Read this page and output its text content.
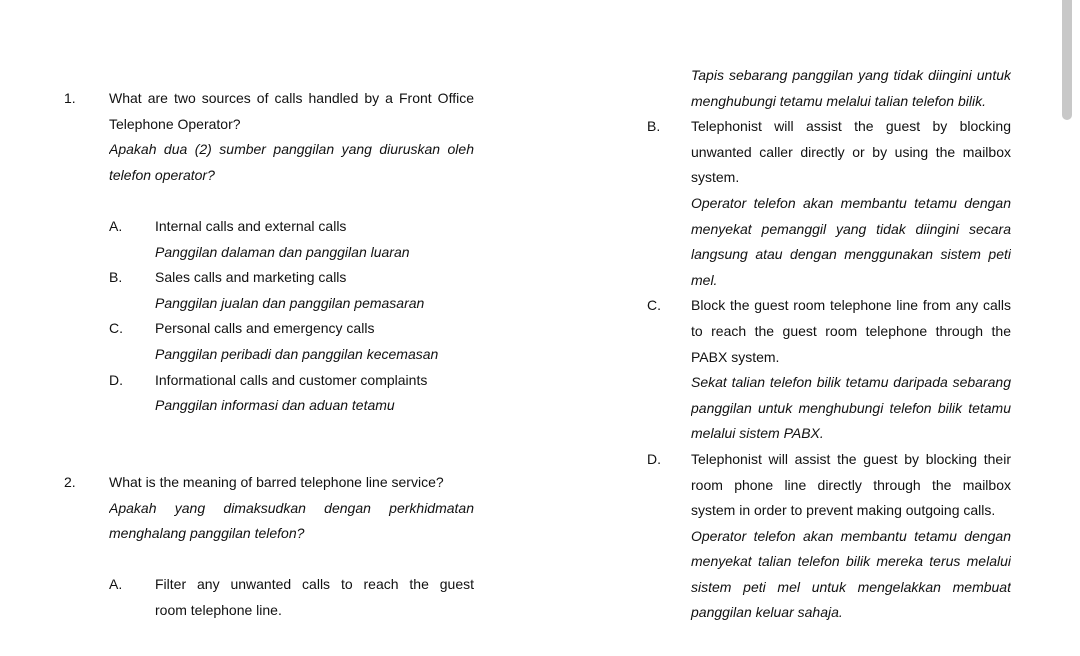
1. What are two sources of calls handled by a Front Office
Telephone Operator?
Apakah dua (2) sumber panggilan yang diuruskan oleh
telefon operator?
A. Internal calls and external calls
Panggilan dalaman dan panggilan luaran
B. Sales calls and marketing calls
Panggilan jualan dan panggilan pemasaran
C. Personal calls and emergency calls
Panggilan peribadi dan panggilan kecemasan
D. Informational calls and customer complaints
Panggilan informasi dan aduan tetamu
2. What is the meaning of barred telephone line service?
Apakah yang dimaksudkan dengan perkhidmatan
menghalang panggilan telefon?
A. Filter any unwanted calls to reach the guest
room telephone line.
Tapis sebarang panggilan yang tidak diingini untuk
menghubungi tetamu melalui talian telefon bilik.
B. Telephonist will assist the guest by blocking
unwanted caller directly or by using the mailbox
system.
Operator telefon akan membantu tetamu dengan
menyekat pemanggil yang tidak diingini secara
langsung atau dengan menggunakan sistem peti
mel.
C. Block the guest room telephone line from any calls
to reach the guest room telephone through the
PABX system.
Sekat talian telefon bilik tetamu daripada sebarang
panggilan untuk menghubungi telefon bilik tetamu
melalui sistem PABX.
D. Telephonist will assist the guest by blocking their
room phone line directly through the mailbox
system in order to prevent making outgoing calls.
Operator telefon akan membantu tetamu dengan
menyekat talian telefon bilik mereka terus melalui
sistem peti mel untuk mengelakkan membuat
panggilan keluar sahaja.
